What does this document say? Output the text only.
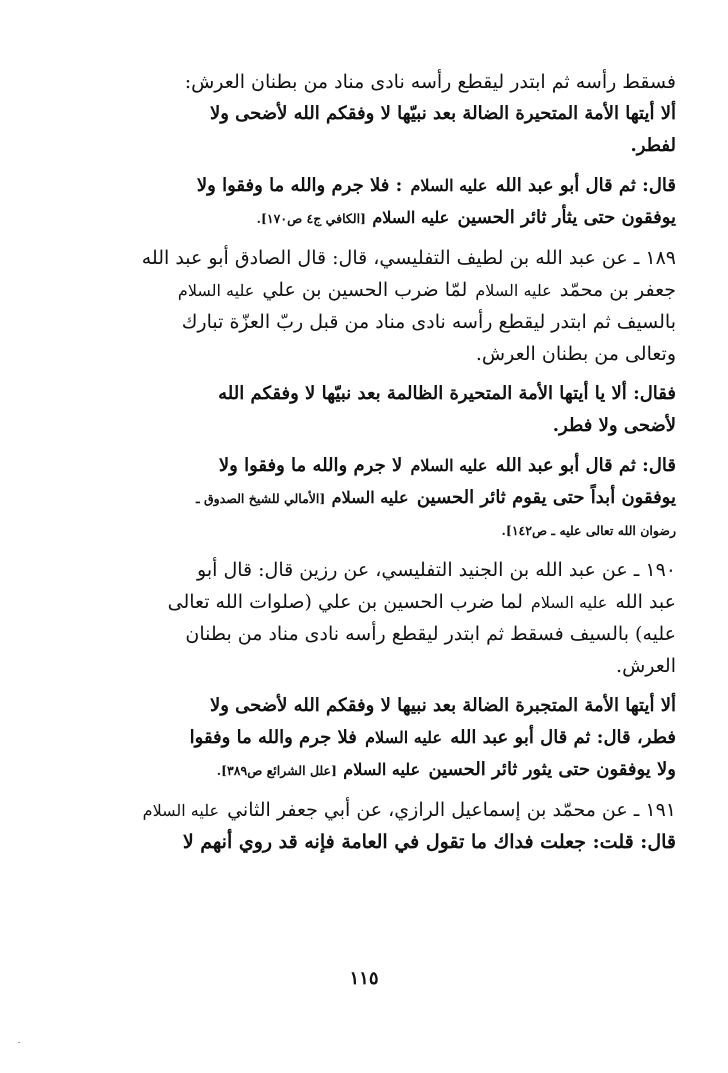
فسقط رأسه ثم ابتدر ليقطع رأسه نادى مناد من بطنان العرش:
ألا أيتها الأمة المتحيرة الضالة بعد نبيّها لا وفقكم الله لأضحى ولا
لفطر.
قال: ثم قال أبو عبد الله عليه السلام : فلا جرم والله ما وفقوا ولا
يوفقون حتى يثأر ثائر الحسين عليه السلام [الكافي ج٤ ص١٧٠].
١٨٩ ـ عن عبد الله بن لطيف التفليسي، قال: قال الصادق أبو عبد الله
جعفر بن محمّد عليه السلام لمّا ضرب الحسين بن علي عليه السلام
بالسيف ثم ابتدر ليقطع رأسه نادى مناد من قبل ربّ العزّة تبارك
وتعالى من بطنان العرش.
فقال: ألا يا أيتها الأمة المتحيرة الظالمة بعد نبيّها لا وفقكم الله
لأضحى ولا فطر.
قال: ثم قال أبو عبد الله عليه السلام لا جرم والله ما وفقوا ولا
يوفقون أبداً حتى يقوم ثائر الحسين عليه السلام [الأمالي للشيخ الصدوق ـ
رضوان الله تعالى عليه ـ ص١٤٢].
١٩٠ ـ عن عبد الله بن الجنيد التفليسي، عن رزين قال: قال أبو
عبد الله عليه السلام لما ضرب الحسين بن علي (صلوات الله تعالى
عليه) بالسيف فسقط ثم ابتدر ليقطع رأسه نادى مناد من بطنان
العرش.
ألا أيتها الأمة المتجبرة الضالة بعد نبيها لا وفقكم الله لأضحى ولا
فطر، قال: ثم قال أبو عبد الله عليه السلام فلا جرم والله ما وفقوا
ولا يوفقون حتى يثور ثائر الحسين عليه السلام [علل الشرائع ص٣٨٩].
١٩١ ـ عن محمّد بن إسماعيل الرازي، عن أبي جعفر الثاني عليه السلام
قال: قلت: جعلت فداك ما تقول في العامة فإنه قد روي أنهم لا
١١٥
